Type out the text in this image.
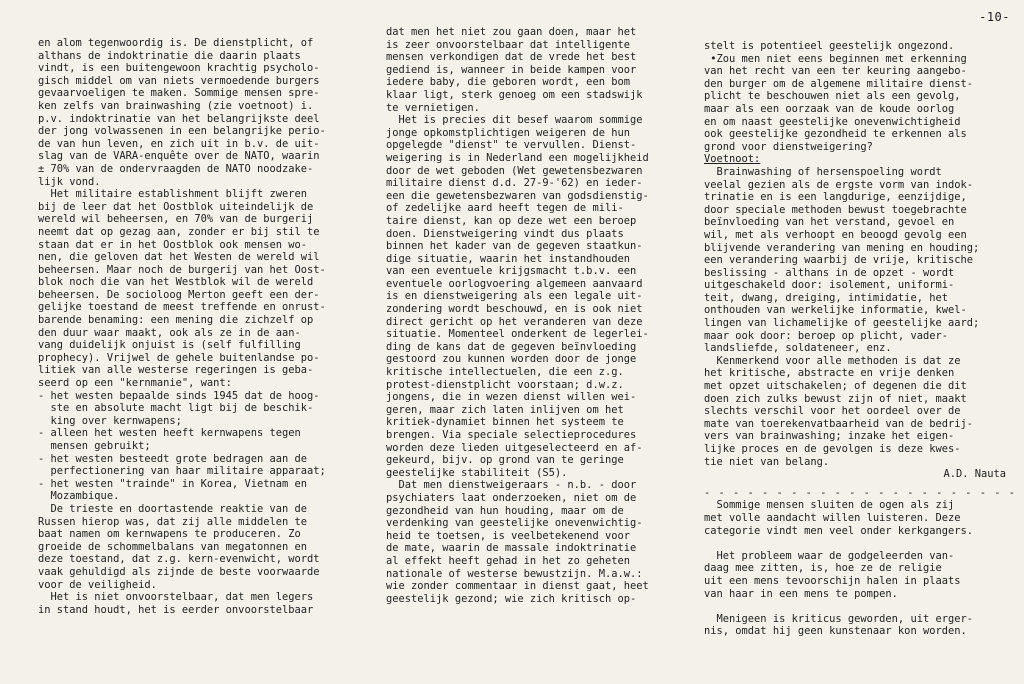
-10-
en alom tegenwoordig is. De dienstplicht, of
althans de indoktrinatie die daarin plaats
vindt, is een buitengewoon krachtig psycholo-
gisch middel om van niets vermoedende burgers
gevaarvoeligen te maken. Sommige mensen spre-
ken zelfs van brainwashing (zie voetnoot) i.
p.v. indoktrinatie van het belangrijkste deel
der jong volwassenen in een belangrijke perio-
de van hun leven, en zich uit in b.v. de uit-
slag van de VARA-enquête over de NATO, waarin
± 70% van de ondervraagden de NATO noodzake-
lijk vond.
Het militaire establishment blijft zweren
bij de leer dat het Oostblok uiteindelijk de
wereld wil beheersen, en 70% van de burgerij
neemt dat op gezag aan, zonder er bij stil te
staan dat er in het Oostblok ook mensen wo-
nen, die geloven dat het Westen de wereld wil
beheersen. Maar noch de burgerij van het Oost-
blok noch die van het Westblok wil de wereld
beheersen. De socioloog Merton geeft een der-
gelijke toestand de meest treffende en onrust-
barende benaming: een mening die zichzelf op
den duur waar maakt, ook als ze in de aan-
vang duidelijk onjuist is (self fulfilling
prophecy). Vrijwel de gehele buitenlandse po-
litiek van alle westerse regeringen is geba-
seerd op een "kernmanie", want:
- het westen bepaalde sinds 1945 dat de hoog-
ste en absolute macht ligt bij de beschik-
king over kernwapens;
- alleen het westen heeft kernwapens tegen
mensen gebruikt;
- het westen besteedt grote bedragen aan de
perfectionering van haar militaire apparaat;
- het westen "trainde" in Korea, Vietnam en
Mozambique.
De trieste en doortastende reaktie van de
Russen hierop was, dat zij alle middelen te
baat namen om kernwapens te produceren. Zo
groeide de schommelbalans van megatonnen en
deze toestand, dat z.g. kern-evenwicht, wordt
vaak gehuldigd als zijnde de beste voorwaarde
voor de veiligheid.
Het is niet onvoorstelbaar, dat men legers
in stand houdt, het is eerder onvoorstelbaar
dat men het niet zou gaan doen, maar het
is zeer onvoorstelbaar dat intelligente
mensen verkondigen dat de vrede het best
gediend is, wanneer in beide kampen voor
iedere baby, die geboren wordt, een bom
klaar ligt, sterk genoeg om een stadswijk
te vernietigen.
Het is precies dit besef waarom sommige
jonge opkomstplichtigen weigeren de hun
opgelegde "dienst" te vervullen. Dienst-
weigering is in Nederland een mogelijkheid
door de wet geboden (Wet gewetensbezwaren
militaire dienst d.d. 27-9-'62) en ieder-
een die gewetensbezwaren van godsdienstig-
of zedelijke aard heeft tegen de mili-
taire dienst, kan op deze wet een beroep
doen. Dienstweigering vindt dus plaats
binnen het kader van de gegeven staatkun-
dige situatie, waarin het instandhouden
van een eventuele krijgsmacht t.b.v. een
eventuele oorlogvoering algemeen aanvaard
is en dienstweigering als een legale uit-
zondering wordt beschouwd, en is ook niet
direct gericht op het veranderen van deze
situatie. Momenteel onderkent de legerlei-
ding de kans dat de gegeven beïnvloeding
gestoord zou kunnen worden door de jonge
kritische intellectuelen, die een z.g.
protest-dienstplicht voorstaan; d.w.z.
jongens, die in wezen dienst willen wei-
geren, maar zich laten inlijven om het
kritiek-dynamiet binnen het systeem te
brengen. Via speciale selectieprocedures
worden deze lieden uitgeselecteerd en af-
gekeurd, bijv. op grond van te geringe
geestelijke stabiliteit (S5).
Dat men dienstweigeraars - n.b. - door
psychiaters laat onderzoeken, niet om de
gezondheid van hun houding, maar om de
verdenking van geestelijke onevenwichtig-
heid te toetsen, is veelbetekenend voor
de mate, waarin de massale indoktrinatie
al effekt heeft gehad in het zo geheten
nationale of westerse bewustzijn. M.a.w.:
wie zonder commentaar in dienst gaat, heet
geestelijk gezond; wie zich kritisch op-
stelt is potentieel geestelijk ongezond.
•Zou men niet eens beginnen met erkenning
van het recht van een ter keuring aangebo-
den burger om de algemene militaire dienst-
plicht te beschouwen niet als een gevolg,
maar als een oorzaak van de koude oorlog
en om naast geestelijke onevenwichtigheid
ook geestelijke gezondheid te erkennen als
grond voor dienstweigering?
Voetnoot:
Brainwashing of hersenspoeling wordt
veelal gezien als de ergste vorm van indok-
trinatie en is een langdurige, eenzijdige,
door speciale methoden bewust toegebrachte
beïnvloeding van het verstand, gevoel en
wil, met als verhoopt en beoogd gevolg een
blijvende verandering van mening en houding;
een verandering waarbij de vrije, kritische
beslissing - althans in de opzet - wordt
uitgeschakeld door: isolement, uniformi-
teit, dwang, dreiging, intimidatie, het
onthouden van werkelijke informatie, kwel-
lingen van lichamelijke of geestelijke aard;
maar ook door: beroep op plicht, vader-
landsliefde, soldateneer, enz.
Kenmerkend voor alle methoden is dat ze
het kritische, abstracte en vrije denken
met opzet uitschakelen; of degenen die dit
doen zich zulks bewust zijn of niet, maakt
slechts verschil voor het oordeel over de
mate van toerekenvatbaarheid van de bedrij-
vers van brainwashing; inzake het eigen-
lijke proces en de gevolgen is deze kwes-
tie niet van belang.
A.D. Nauta
- - - - - - - - - - - - - - - - - - - - - -
Sommige mensen sluiten de ogen als zij
met volle aandacht willen luisteren. Deze
categorie vindt men veel onder kerkgangers.

Het probleem waar de godgeleerden van-
daag mee zitten, is, hoe ze de religie
uit een mens tevoorschijn halen in plaats
van haar in een mens te pompen.

Menigeen is kriticus geworden, uit erger-
nis, omdat hij geen kunstenaar kon worden.
